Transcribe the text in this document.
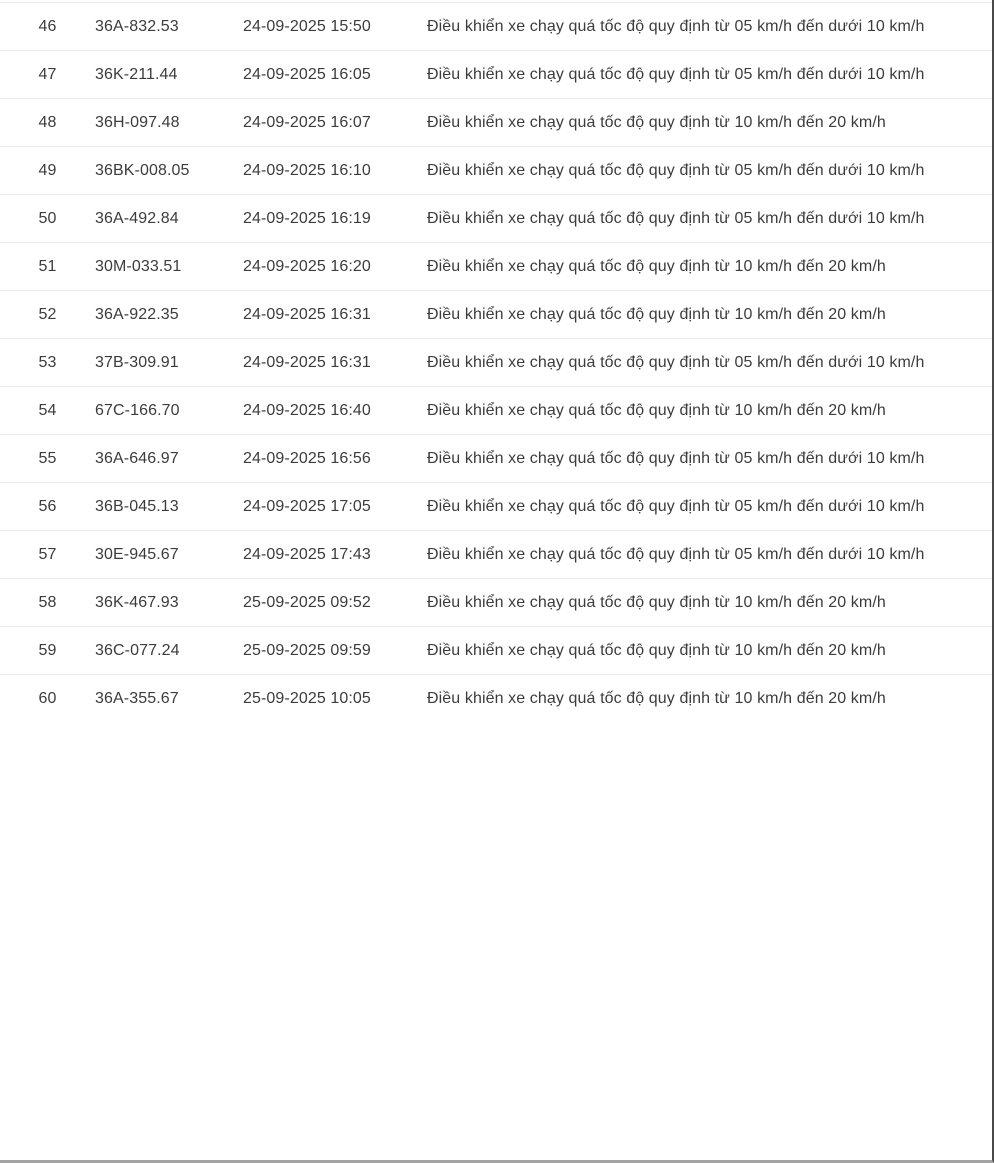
46	36A-832.53	24-09-2025 15:50	Điều khiển xe chạy quá tốc độ quy định từ 05 km/h đến dưới 10 km/h
47	36K-211.44	24-09-2025 16:05	Điều khiển xe chạy quá tốc độ quy định từ 05 km/h đến dưới 10 km/h
48	36H-097.48	24-09-2025 16:07	Điều khiển xe chạy quá tốc độ quy định từ 10 km/h đến 20 km/h
49	36BK-008.05	24-09-2025 16:10	Điều khiển xe chạy quá tốc độ quy định từ 05 km/h đến dưới 10 km/h
50	36A-492.84	24-09-2025 16:19	Điều khiển xe chạy quá tốc độ quy định từ 05 km/h đến dưới 10 km/h
51	30M-033.51	24-09-2025 16:20	Điều khiển xe chạy quá tốc độ quy định từ 10 km/h đến 20 km/h
52	36A-922.35	24-09-2025 16:31	Điều khiển xe chạy quá tốc độ quy định từ 10 km/h đến 20 km/h
53	37B-309.91	24-09-2025 16:31	Điều khiển xe chạy quá tốc độ quy định từ 05 km/h đến dưới 10 km/h
54	67C-166.70	24-09-2025 16:40	Điều khiển xe chạy quá tốc độ quy định từ 10 km/h đến 20 km/h
55	36A-646.97	24-09-2025 16:56	Điều khiển xe chạy quá tốc độ quy định từ 05 km/h đến dưới 10 km/h
56	36B-045.13	24-09-2025 17:05	Điều khiển xe chạy quá tốc độ quy định từ 05 km/h đến dưới 10 km/h
57	30E-945.67	24-09-2025 17:43	Điều khiển xe chạy quá tốc độ quy định từ 05 km/h đến dưới 10 km/h
58	36K-467.93	25-09-2025 09:52	Điều khiển xe chạy quá tốc độ quy định từ 10 km/h đến 20 km/h
59	36C-077.24	25-09-2025 09:59	Điều khiển xe chạy quá tốc độ quy định từ 10 km/h đến 20 km/h
60	36A-355.67	25-09-2025 10:05	Điều khiển xe chạy quá tốc độ quy định từ 10 km/h đến 20 km/h
